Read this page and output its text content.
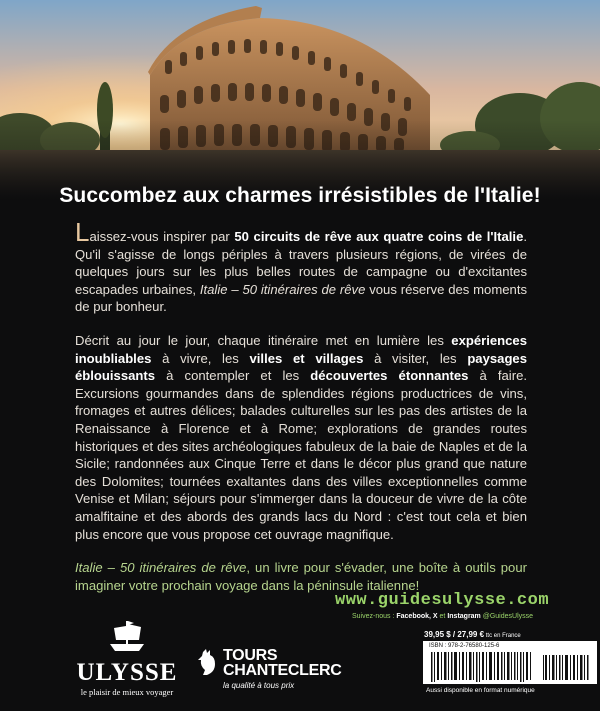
Succombez aux charmes irrésistibles de l'Italie!

Laissez-vous inspirer par 50 circuits de rêve aux quatre coins de l'Italie. Qu'il s'agisse de longs périples à travers plusieurs régions, de virées de quelques jours sur les plus belles routes de campagne ou d'excitantes escapades urbaines, Italie – 50 itinéraires de rêve vous réserve des moments de pur bonheur.

Décrit au jour le jour, chaque itinéraire met en lumière les expériences inoubliables à vivre, les villes et villages à visiter, les paysages éblouissants à contempler et les découvertes étonnantes à faire. Excursions gourmandes dans de splendides régions productrices de vins, fromages et autres délices; balades culturelles sur les pas des artistes de la Renaissance à Florence et à Rome; explorations de grandes routes historiques et des sites archéologiques fabuleux de la baie de Naples et de la Sicile; randonnées aux Cinque Terre et dans le décor plus grand que nature des Dolomites; tournées exaltantes dans des villes exceptionnelles comme Venise et Milan; séjours pour s'immerger dans la douceur de vivre de la côte amalfitaine et des abords des grands lacs du Nord : c'est tout cela et bien plus encore que vous propose cet ouvrage magnifique.

Italie – 50 itinéraires de rêve, un livre pour s'évader, une boîte à outils pour imaginer votre prochain voyage dans la péninsule italienne!

www.guidesulysse.com
Suivez-nous : Facebook, X et Instagram @GuidesUlysse
ULYSSE
le plaisir de mieux voyager
TOURS
CHANTECLERC
la qualité à tous prix
39,95 $ / 27,99 € ttc en France
ISBN : 978-2-76580-125-6
Aussi disponible en format numérique
